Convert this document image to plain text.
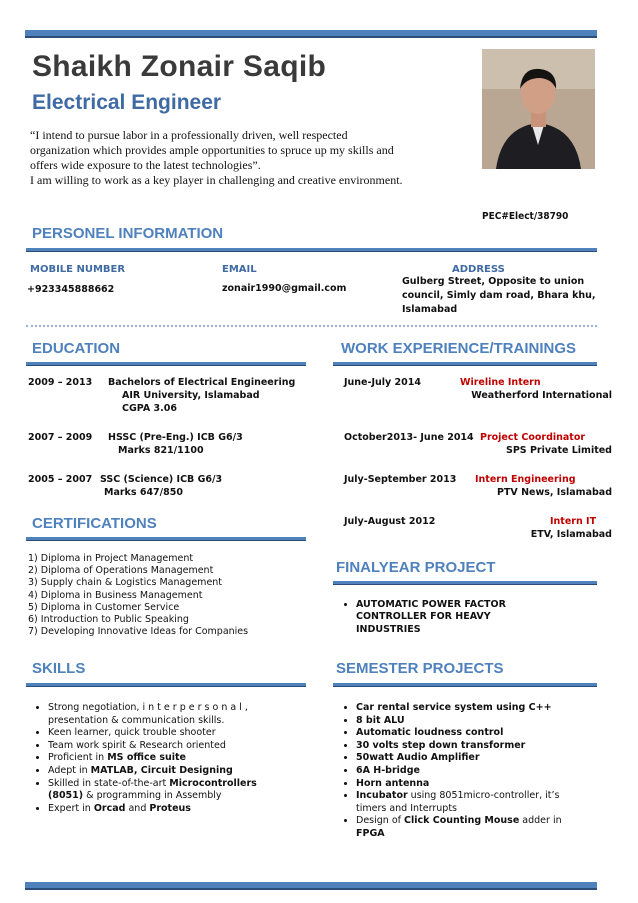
Shaikh Zonair Saqib
Electrical Engineer

“I intend to pursue labor in a professionally driven, well respected organization which provides ample opportunities to spruce up my skills and offers wide exposure to the latest technologies”.

I am willing to work as a key player in challenging and creative environment.

PEC#Elect/38790
PERSONEL INFORMATION
MOBILE NUMBER
+923345888662
EMAIL
zonair1990@gmail.com
ADDRESS
Gulberg Street, Opposite to union council, Simly dam road, Bhara khu, Islamabad
EDUCATION
2009 – 2013 Bachelors of Electrical Engineering
AIR University, Islamabad
CGPA 3.06
2007 – 2009 HSSC (Pre-Eng.) ICB G6/3
Marks 821/1100
2005 – 2007 SSC (Science) ICB G6/3
Marks 647/850
WORK EXPERIENCE/TRAININGS
June-July 2014	Wireline Intern
Weatherford International
October2013- June 2014 Project Coordinator
SPS Private Limited
July-September 2013 Intern Engineering
PTV News, Islamabad
July-August 2012	Intern IT
ETV, Islamabad
CERTIFICATIONS
1) Diploma in Project Management
2) Diploma of Operations Management
3) Supply chain & Logistics Management
4) Diploma in Business Management
5) Diploma in Customer Service
6) Introduction to Public Speaking
7) Developing Innovative Ideas for Companies
FINALYEAR PROJECT
• AUTOMATIC POWER FACTOR CONTROLLER FOR HEAVY INDUSTRIES
SKILLS
• Strong negotiation, i n t e r p e r s o n a l , presentation & communication skills.
• Keen learner, quick trouble shooter
• Team work spirit & Research oriented
• Proficient in MS office suite
• Adept in MATLAB, Circuit Designing
• Skilled in state-of-the-art Microcontrollers (8051) & programming in Assembly
• Expert in Orcad and Proteus
SEMESTER PROJECTS
• Car rental service system using C++
• 8 bit ALU
• Automatic loudness control
• 30 volts step down transformer
• 50watt Audio Amplifier
• 6A H-bridge
• Horn antenna
• Incubator using 8051micro-controller, it’s timers and Interrupts
• Design of Click Counting Mouse adder in FPGA
